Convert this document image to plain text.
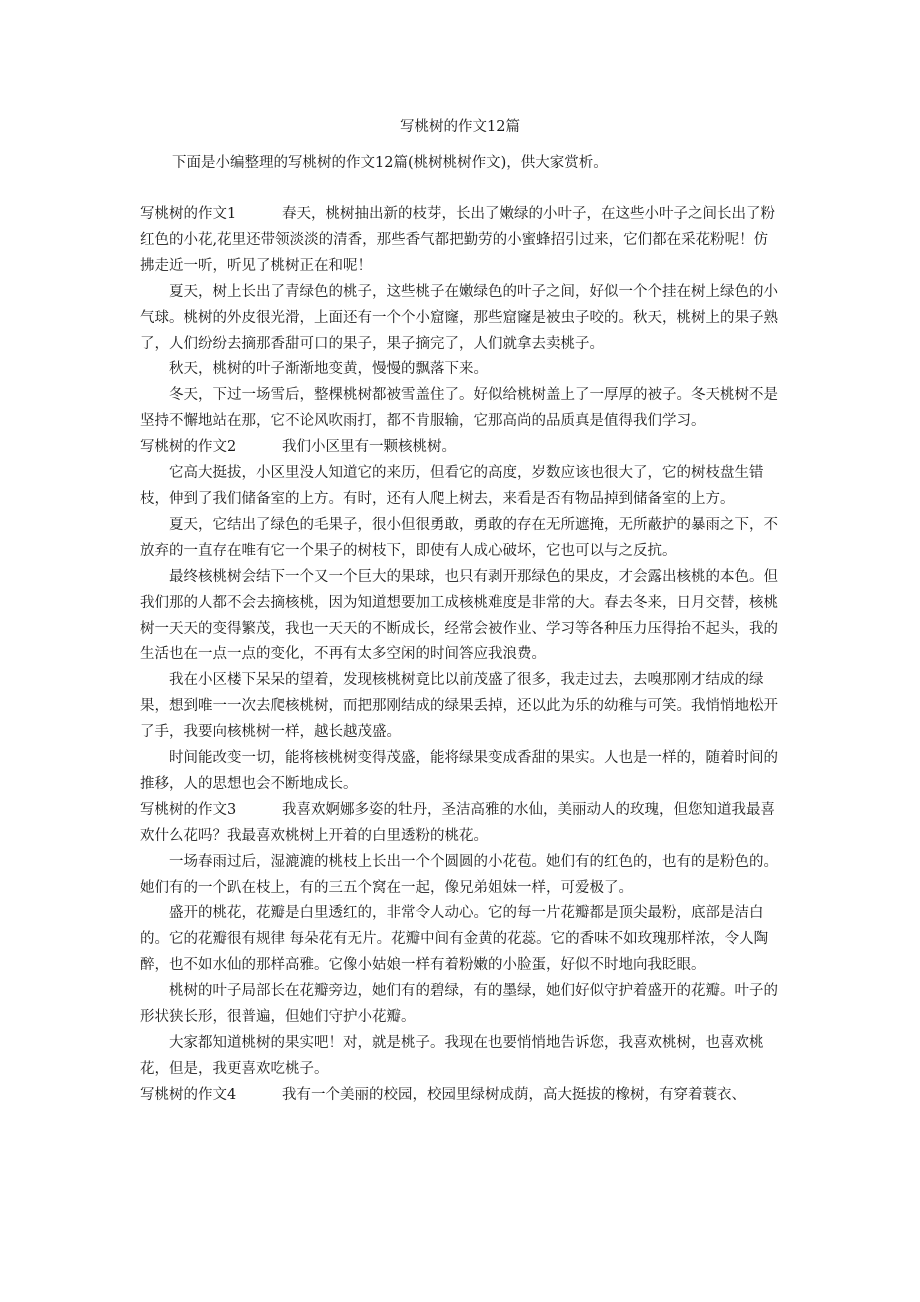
写桃树的作文12篇
下面是小编整理的写桃树的作文12篇(桃树桃树作文)，供大家赏析。
写桃树的作文1	春天，桃树抽出新的枝芽，长出了嫩绿的小叶子，在这些小叶子之间长出了粉红色的小花,花里还带领淡淡的清香，那些香气都把勤劳的小蜜蜂招引过来，它们都在采花粉呢！仿拂走近一听，听见了桃树正在和呢！

夏天，树上长出了青绿色的桃子，这些桃子在嫩绿色的叶子之间，好似一个个挂在树上绿色的小气球。桃树的外皮很光滑，上面还有一个个小窟窿，那些窟窿是被虫子咬的。秋天，桃树上的果子熟了，人们纷纷去摘那香甜可口的果子，果子摘完了，人们就拿去卖桃子。

秋天，桃树的叶子渐渐地变黄，慢慢的飘落下来。

冬天，下过一场雪后，整棵桃树都被雪盖住了。好似给桃树盖上了一厚厚的被子。冬天桃树不是坚持不懈地站在那，它不论风吹雨打，都不肯服输，它那高尚的品质真是值得我们学习。

写桃树的作文2	我们小区里有一颗核桃树。

它高大挺拔，小区里没人知道它的来历，但看它的高度，岁数应该也很大了，它的树枝盘生错枝，伸到了我们储备室的上方。有时，还有人爬上树去，来看是否有物品掉到储备室的上方。

夏天，它结出了绿色的毛果子，很小但很勇敢，勇敢的存在无所遮掩，无所蔽护的暴雨之下，不放弃的一直存在唯有它一个果子的树枝下，即使有人成心破坏，它也可以与之反抗。

最终核桃树会结下一个又一个巨大的果球，也只有剥开那绿色的果皮，才会露出核桃的本色。但我们那的人都不会去摘核桃，因为知道想要加工成核桃难度是非常的大。春去冬来，日月交替，核桃树一天天的变得繁茂，我也一天天的不断成长，经常会被作业、学习等各种压力压得抬不起头，我的生活也在一点一点的变化，不再有太多空闲的时间答应我浪费。

我在小区楼下呆呆的望着，发现核桃树竟比以前茂盛了很多，我走过去，去嗅那刚才结成的绿果，想到唯一一次去爬核桃树，而把那刚结成的绿果丢掉，还以此为乐的幼稚与可笑。我悄悄地松开了手，我要向核桃树一样，越长越茂盛。

时间能改变一切，能将核桃树变得茂盛，能将绿果变成香甜的果实。人也是一样的，随着时间的推移，人的思想也会不断地成长。

写桃树的作文3	我喜欢婀娜多姿的牡丹，圣洁高雅的水仙，美丽动人的玫瑰，但您知道我最喜欢什么花吗？我最喜欢桃树上开着的白里透粉的桃花。

一场春雨过后，湿漉漉的桃枝上长出一个个圆圆的小花苞。她们有的红色的，也有的是粉色的。她们有的一个趴在枝上，有的三五个窝在一起，像兄弟姐妹一样，可爱极了。

盛开的桃花，花瓣是白里透红的，非常令人动心。它的每一片花瓣都是顶尖最粉，底部是洁白的。它的花瓣很有规律 每朵花有无片。花瓣中间有金黄的花蕊。它的香味不如玫瑰那样浓，令人陶醉，也不如水仙的那样高雅。它像小姑娘一样有着粉嫩的小脸蛋，好似不时地向我眨眼。

桃树的叶子局部长在花瓣旁边，她们有的碧绿，有的墨绿，她们好似守护着盛开的花瓣。叶子的形状狭长形，很普遍，但她们守护小花瓣。

大家都知道桃树的果实吧！对，就是桃子。我现在也要悄悄地告诉您，我喜欢桃树，也喜欢桃花，但是，我更喜欢吃桃子。

写桃树的作文4	我有一个美丽的校园，校园里绿树成荫，高大挺拔的橡树，有穿着蓑衣、
